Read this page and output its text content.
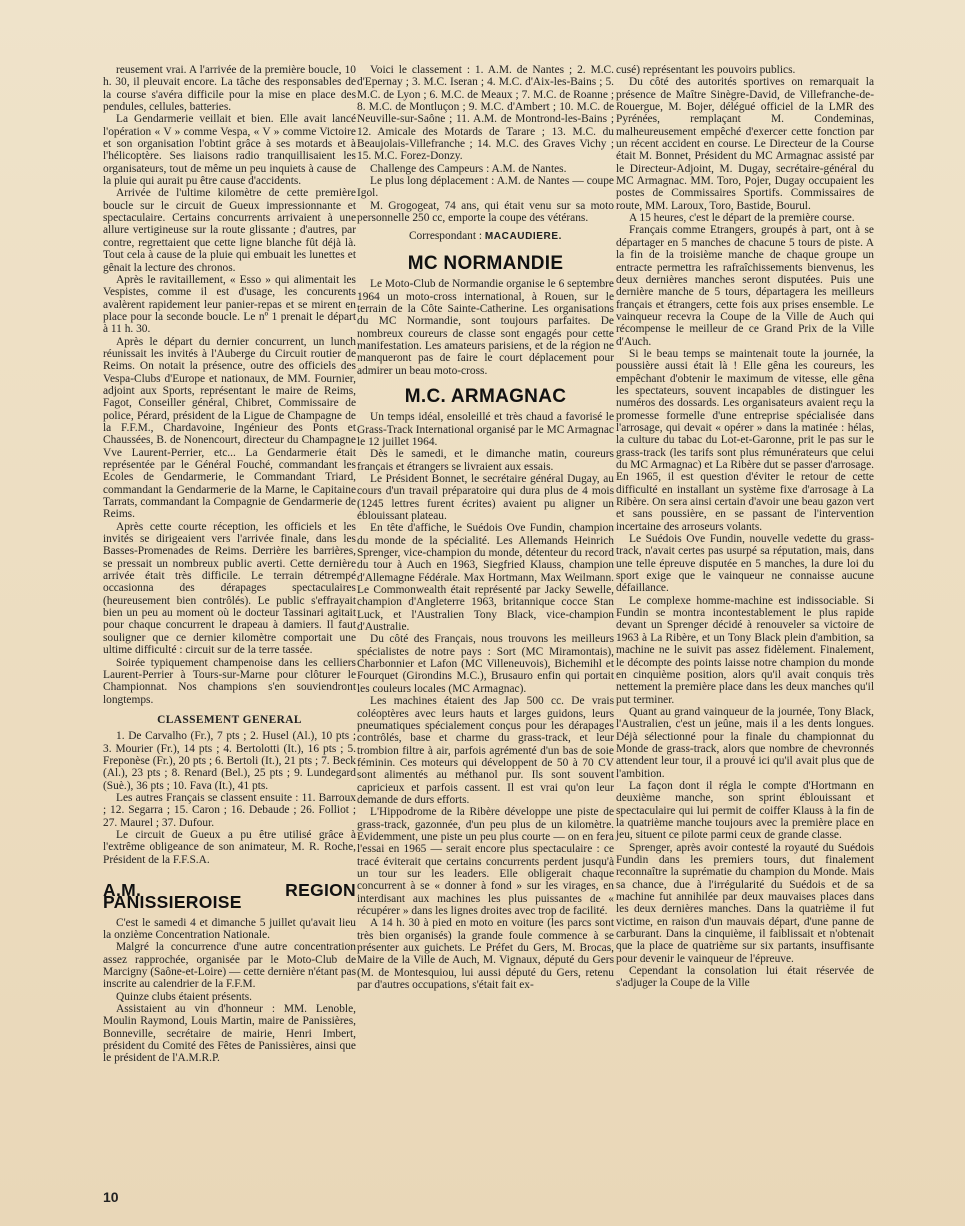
reusement vrai. A l'arrivée de la première boucle, 10 h. 30, il pleuvait encore. La tâche des responsables de la course s'avéra difficile pour la mise en place des pendules, cellules, batteries.

La Gendarmerie veillait et bien. Elle avait lancé l'opération « V » comme Vespa, « V » comme Victoire et son organisation l'obtint grâce à ses motards et à l'hélicoptère. Ses liaisons radio tranquillisaient les organisateurs, tout de même un peu inquiets à cause de la pluie qui aurait pu être cause d'accidents.

Arrivée de l'ultime kilomètre de cette première boucle sur le circuit de Gueux impressionnante et spectaculaire. Certains concurrents arrivaient à une allure vertigineuse sur la route glissante ; d'autres, par contre, regrettaient que cette ligne blanche fût déjà là. Tout cela à cause de la pluie qui embuait les lunettes et gênait la lecture des chronos.

Après le ravitaillement, « Esso » qui alimentait les Vespistes, comme il est d'usage, les concurents avalèrent rapidement leur panier-repas et se mirent en place pour la seconde boucle. Le nº 1 prenait le départ à 11 h. 30.

Après le départ du dernier concurrent, un lunch réunissait les invités à l'Auberge du Circuit routier de Reims. On notait la présence, outre des officiels des Vespa-Clubs d'Europe et nationaux, de MM. Fournier, adjoint aux Sports, représentant le maire de Reims, Fagot, Conseiller général, Chibret, Commissaire de police, Pérard, président de la Ligue de Champagne de la F.F.M., Chardavoine, Ingénieur des Ponts et Chaussées, B. de Nonencourt, directeur du Champagne Vve Laurent-Perrier, etc... La Gendarmerie était représentée par le Général Fouché, commandant les Ecoles de Gendarmerie, le Commandant Triard, commandant la Gendarmerie de la Marne, le Capitaine Tarrats, commandant la Compagnie de Gendarmerie de Reims.

Après cette courte réception, les officiels et les invités se dirigeaient vers l'arrivée finale, dans les Basses-Promenades de Reims. Derrière les barrières, se pressait un nombreux public averti. Cette dernière arrivée était très difficile. Le terrain détrempé occasionna des dérapages spectaculaires (heureusement bien contrôlés). Le public s'effrayait bien un peu au moment où le docteur Tassinari agitait pour chaque concurrent le drapeau à damiers. Il faut souligner que ce dernier kilomètre comportait une ultime difficulté : circuit sur de la terre tassée.

Soirée typiquement champenoise dans les celliers Laurent-Perrier à Tours-sur-Marne pour clôturer le Championnat. Nos champions s'en souviendront longtemps.

CLASSEMENT GENERAL

1. De Carvalho (Fr.), 7 pts ; 2. Husel (Al.), 10 pts ; 3. Mourier (Fr.), 14 pts ; 4. Bertolotti (It.), 16 pts ; 5. Freponèse (Fr.), 20 pts ; 6. Bertoli (It.), 21 pts ; 7. Beck (Al.), 23 pts ; 8. Renard (Bel.), 25 pts ; 9. Lundegard (Suè.), 36 pts ; 10. Fava (It.), 41 pts.

Les autres Français se classent ensuite : 11. Barroux ; 12. Segarra ; 15. Caron ; 16. Debaude ; 26. Folliot ; 27. Maurel ; 37. Dufour.

Le circuit de Gueux a pu être utilisé grâce à l'extrême obligeance de son animateur, M. R. Roche, Président de la F.F.S.A.

A.M. REGION PANISSIEROISE

C'est le samedi 4 et dimanche 5 juillet qu'avait lieu la onzième Concentration Nationale.

Malgré la concurrence d'une autre concentration assez rapprochée, organisée par le Moto-Club de Marcigny (Saône-et-Loire) — cette dernière n'étant pas inscrite au calendrier de la F.F.M.

Quinze clubs étaient présents.

Assistaient au vin d'honneur : MM. Lenoble, Moulin Raymond, Louis Martin, maire de Panissières, Bonneville, secrétaire de mairie, Henri Imbert, président du Comité des Fêtes de Panissières, ainsi que le président de l'A.M.R.P.

Voici le classement : 1. A.M. de Nantes ; 2. M.C. d'Epernay ; 3. M.C. Iseran ; 4. M.C. d'Aix-les-Bains ; 5. M.C. de Lyon ; 6. M.C. de Meaux ; 7. M.C. de Roanne ; 8. M.C. de Montluçon ; 9. M.C. d'Ambert ; 10. M.C. de Neuville-sur-Saône ; 11. A.M. de Montrond-les-Bains ; 12. Amicale des Motards de Tarare ; 13. M.C. du Beaujolais-Villefranche ; 14. M.C. des Graves Vichy ; 15. M.C. Forez-Donzy.

Challenge des Campeurs : A.M. de Nantes.

Le plus long déplacement : A.M. de Nantes — coupe Igol.

M. Grogogeat, 74 ans, qui était venu sur sa moto personnelle 250 cc, emporte la coupe des vétérans.

Correspondant : MACAUDIERE.

MC NORMANDIE

Le Moto-Club de Normandie organise le 6 septembre 1964 un moto-cross international, à Rouen, sur le terrain de la Côte Sainte-Catherine. Les organisations du MC Normandie, sont toujours parfaites. De nombreux coureurs de classe sont engagés pour cette manifestation. Les amateurs parisiens, et de la région ne manqueront pas de faire le court déplacement pour admirer un beau moto-cross.

M.C. ARMAGNAC

Un temps idéal, ensoleillé et très chaud a favorisé le Grass-Track International organisé par le MC Armagnac le 12 juillet 1964.

Dès le samedi, et le dimanche matin, coureurs français et étrangers se livraient aux essais.

Le Président Bonnet, le secrétaire général Dugay, au cours d'un travail préparatoire qui dura plus de 4 mois (1245 lettres furent écrites) avaient pu aligner un éblouissant plateau.

En tête d'affiche, le Suédois Ove Fundin, champion du monde de la spécialité. Les Allemands Heinrich Sprenger, vice-champion du monde, détenteur du record du tour à Auch en 1963, Siegfried Klauss, champion d'Allemagne Fédérale. Max Hortmann, Max Weilmann. Le Commonwealth était représenté par Jacky Sewelle, champion d'Angleterre 1963, britannique cocce Stan Luck, et l'Australien Tony Black, vice-champion d'Australie.

Du côté des Français, nous trouvons les meilleurs spécialistes de notre pays : Sort (MC Miramontais), Charbonnier et Lafon (MC Villeneuvois), Bichemihl et Fourquet (Girondins M.C.), Brusauro enfin qui portait les couleurs locales (MC Armagnac).

Les machines étaient des Jap 500 cc. De vrais coléoptères avec leurs hauts et larges guidons, leurs pneumatiques spécialement conçus pour les dérapages contrôlés, base et charme du grass-track, et leur trombion filtre à air, parfois agrémenté d'un bas de soie féminin. Ces moteurs qui développent de 50 à 70 CV sont alimentés au méthanol pur. Ils sont souvent capricieux et parfois cassent. Il est vrai qu'on leur demande de durs efforts.

L'Hippodrome de la Ribère développe une piste de grass-track, gazonnée, d'un peu plus de un kilomètre. Evidemment, une piste un peu plus courte — on en fera l'essai en 1965 — serait encore plus spectaculaire : ce tracé éviterait que certains concurrents perdent jusqu'à un tour sur les leaders. Elle obligerait chaque concurrent à se « donner à fond » sur les virages, en interdisant aux machines les plus puissantes de « récupérer » dans les lignes droites avec trop de facilité.

A 14 h. 30 à pied en moto en voiture (les parcs sont très bien organisés) la grande foule commence à se présenter aux guichets. Le Préfet du Gers, M. Brocas, Maire de la Ville de Auch, M. Vignaux, député du Gers (M. de Montesquiou, lui aussi député du Gers, retenu par d'autres occupations, s'était fait ex-

cusé) représentant les pouvoirs publics.

Du côté des autorités sportives on remarquait la présence de Maître Sinègre-David, de Villefranche-de-Rouergue, M. Bojer, délégué officiel de la LMR des Pyrénées, remplaçant M. Condeminas, malheureusement empêché d'exercer cette fonction par un récent accident en course. Le Directeur de la Course était M. Bonnet, Président du MC Armagnac assisté par le Directeur-Adjoint, M. Dugay, secrétaire-général du MC Armagnac. MM. Toro, Pojer, Dugay occupaient les postes de Commissaires Sportifs. Commissaires de route, MM. Laroux, Toro, Bastide, Bourul.

A 15 heures, c'est le départ de la première course.

Français comme Etrangers, groupés à part, ont à se départager en 5 manches de chacune 5 tours de piste. A la fin de la troisième manche de chaque groupe un entracte permettra les rafraîchissements bienvenus, les deux dernières manches seront disputées. Puis une dernière manche de 5 tours, départagera les meilleurs français et étrangers, cette fois aux prises ensemble. Le vainqueur recevra la Coupe de la Ville de Auch qui récompense le meilleur de ce Grand Prix de la Ville d'Auch.

Si le beau temps se maintenait toute la journée, la poussière aussi était là ! Elle gêna les coureurs, les empêchant d'obtenir le maximum de vitesse, elle gêna les spectateurs, souvent incapables de distinguer les numéros des dossards. Les organisateurs avaient reçu la promesse formelle d'une entreprise spécialisée dans l'arrosage, qui devait « opérer » dans la matinée : hélas, la culture du tabac du Lot-et-Garonne, prit le pas sur le grass-track (les tarifs sont plus rémunérateurs que celui du MC Armagnac) et La Ribère dut se passer d'arrosage. En 1965, il est question d'éviter le retour de cette difficulté en installant un système fixe d'arrosage à La Ribère. On sera ainsi certain d'avoir une beau gazon vert et sans poussière, en se passant de l'intervention incertaine des arroseurs volants.

Le Suédois Ove Fundin, nouvelle vedette du grass-track, n'avait certes pas usurpé sa réputation, mais, dans une telle épreuve disputée en 5 manches, la dure loi du sport exige que le vainqueur ne connaisse aucune défaillance.

Le complexe homme-machine est indissociable. Si Fundin se montra incontestablement le plus rapide devant un Sprenger décidé à renouveler sa victoire de 1963 à La Ribère, et un Tony Black plein d'ambition, sa machine ne le suivit pas assez fidèlement. Finalement, le décompte des points laisse notre champion du monde en cinquième position, alors qu'il avait conquis très nettement la première place dans les deux manches qu'il put terminer.

Quant au grand vainqueur de la journée, Tony Black, l'Australien, c'est un jeûne, mais il a les dents longues. Déjà sélectionné pour la finale du championnat du Monde de grass-track, alors que nombre de chevronnés attendent leur tour, il a prouvé ici qu'il avait plus que de l'ambition.

La façon dont il régla le compte d'Hortmann en deuxième manche, son sprint éblouissant et spectaculaire qui lui permit de coiffer Klauss à la fin de la quatrième manche toujours avec la première place en jeu, situent ce pilote parmi ceux de grande classe.

Sprenger, après avoir contesté la royauté du Suédois Fundin dans les premiers tours, dut finalement reconnaître la suprématie du champion du Monde. Mais sa chance, due à l'irrégularité du Suédois et de sa machine fut annihilée par deux mauvaises places dans les deux dernières manches. Dans la quatrième il fut victime, en raison d'un mauvais départ, d'une panne de carburant. Dans la cinquième, il faiblissait et n'obtenait que la place de quatrième sur six partants, insuffisante pour devenir le vainqueur de l'épreuve.

Cependant la consolation lui était réservée de s'adjuger la Coupe de la Ville

10
